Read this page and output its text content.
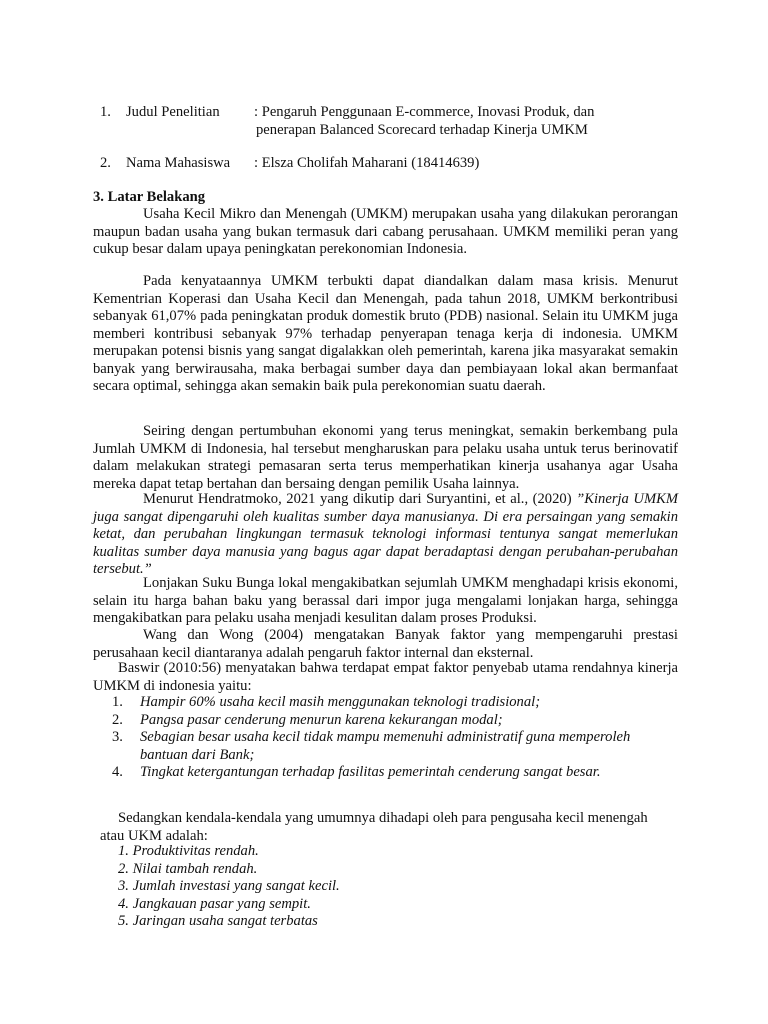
1. Judul Penelitian : Pengaruh Penggunaan E-commerce, Inovasi Produk, dan
penerapan Balanced Scorecard terhadap Kinerja UMKM
2. Nama Mahasiswa : Elsza Cholifah Maharani (18414639)
3. Latar Belakang

Usaha Kecil Mikro dan Menengah (UMKM) merupakan usaha yang dilakukan perorangan maupun badan usaha yang bukan termasuk dari cabang perusahaan. UMKM memiliki peran yang cukup besar dalam upaya peningkatan perekonomian Indonesia.

Pada kenyataannya UMKM terbukti dapat diandalkan dalam masa krisis. Menurut Kementrian Koperasi dan Usaha Kecil dan Menengah, pada tahun 2018, UMKM berkontribusi sebanyak 61,07% pada peningkatan produk domestik bruto (PDB) nasional. Selain itu UMKM juga memberi kontribusi sebanyak 97% terhadap penyerapan tenaga kerja di indonesia. UMKM merupakan potensi bisnis yang sangat digalakkan oleh pemerintah, karena jika masyarakat semakin banyak yang berwirausaha, maka berbagai sumber daya dan pembiayaan lokal akan bermanfaat secara optimal, sehingga akan semakin baik pula perekonomian suatu daerah.

Seiring dengan pertumbuhan ekonomi yang terus meningkat, semakin berkembang pula Jumlah UMKM di Indonesia, hal tersebut mengharuskan para pelaku usaha untuk terus berinovatif dalam melakukan strategi pemasaran serta terus memperhatikan kinerja usahanya agar Usaha mereka dapat tetap bertahan dan bersaing dengan pemilik Usaha lainnya.

Menurut Hendratmoko, 2021 yang dikutip dari Suryantini, et al., (2020) ”Kinerja UMKM juga sangat dipengaruhi oleh kualitas sumber daya manusianya. Di era persaingan yang semakin ketat, dan perubahan lingkungan termasuk teknologi informasi tentunya sangat memerlukan kualitas sumber daya manusia yang bagus agar dapat beradaptasi dengan perubahan-perubahan tersebut.”

Lonjakan Suku Bunga lokal mengakibatkan sejumlah UMKM menghadapi krisis ekonomi, selain itu harga bahan baku yang berassal dari impor juga mengalami lonjakan harga, sehingga mengakibatkan para pelaku usaha menjadi kesulitan dalam proses Produksi.

Wang dan Wong (2004) mengatakan Banyak faktor yang mempengaruhi prestasi perusahaan kecil diantaranya adalah pengaruh faktor internal dan eksternal.

Baswir (2010:56) menyatakan bahwa terdapat empat faktor penyebab utama rendahnya kinerja UMKM di indonesia yaitu:

1. Hampir 60% usaha kecil masih menggunakan teknologi tradisional;
2. Pangsa pasar cenderung menurun karena kekurangan modal;
3. Sebagian besar usaha kecil tidak mampu memenuhi administratif guna memperoleh bantuan dari Bank;
4. Tingkat ketergantungan terhadap fasilitas pemerintah cenderung sangat besar.

Sedangkan kendala-kendala yang umumnya dihadapi oleh para pengusaha kecil menengah atau UKM adalah:

1. Produktivitas rendah.
2. Nilai tambah rendah.
3. Jumlah investasi yang sangat kecil.
4. Jangkauan pasar yang sempit.
5. Jaringan usaha sangat terbatas
